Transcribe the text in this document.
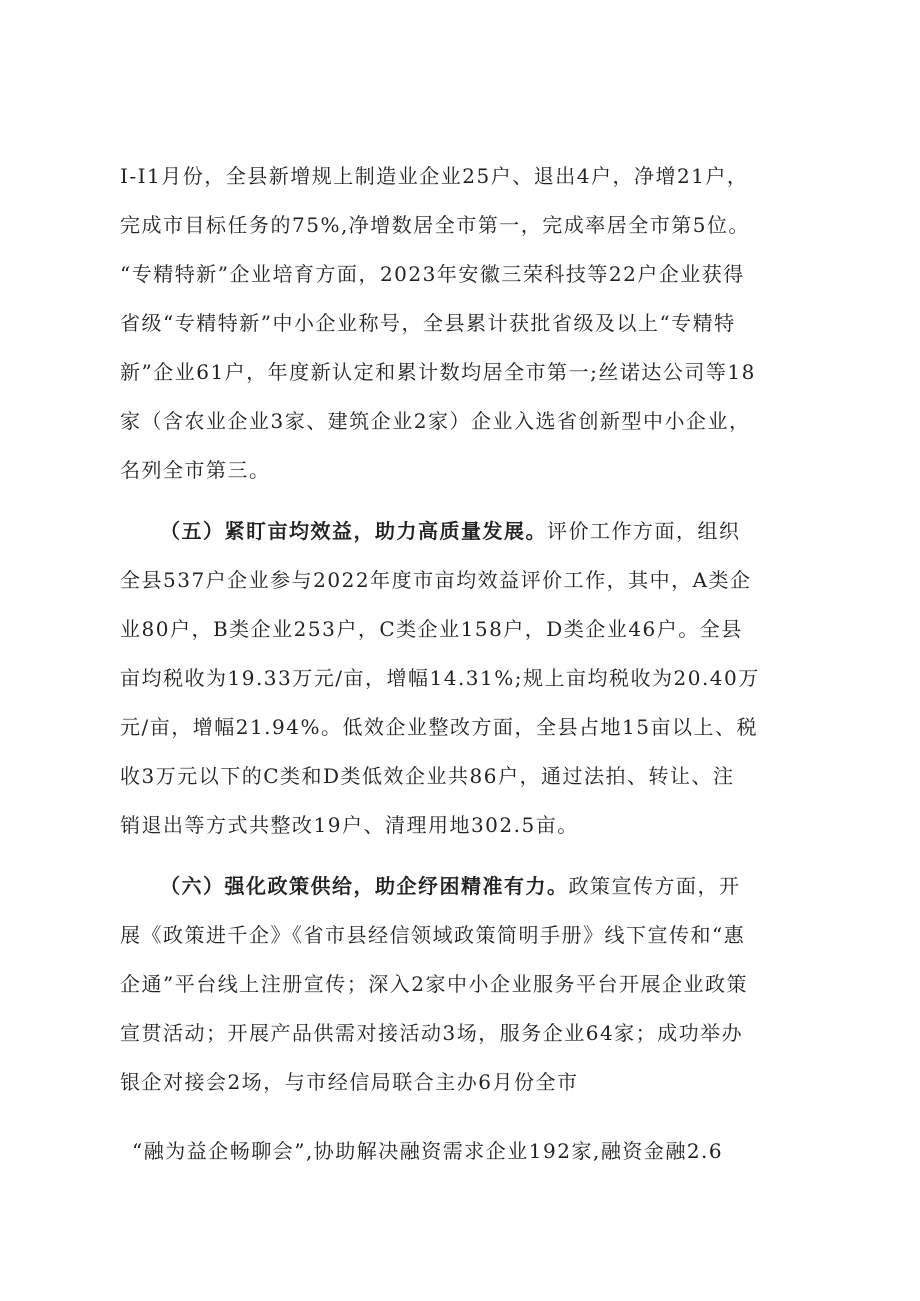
I-I1月份，全县新增规上制造业企业25户、退出4户，净增21户，
完成市目标任务的75%,净增数居全市第一，完成率居全市第5位。
“专精特新”企业培育方面，2023年安徽三荣科技等22户企业获得
省级“专精特新”中小企业称号，全县累计获批省级及以上“专精特
新”企业61户，年度新认定和累计数均居全市第一;丝诺达公司等18
家（含农业企业3家、建筑企业2家）企业入选省创新型中小企业，
名列全市第三。
（五）紧盯亩均效益，助力高质量发展。评价工作方面，组织
全县537户企业参与2022年度市亩均效益评价工作，其中，A类企
业80户，B类企业253户，C类企业158户，D类企业46户。全县
亩均税收为19.33万元/亩，增幅14.31%;规上亩均税收为20.40万
元/亩，增幅21.94%。低效企业整改方面，全县占地15亩以上、税
收3万元以下的C类和D类低效企业共86户，通过法拍、转让、注
销退出等方式共整改19户、清理用地302.5亩。
（六）强化政策供给，助企纾困精准有力。政策宣传方面，开
展《政策进千企》《省市县经信领域政策简明手册》线下宣传和“惠
企通”平台线上注册宣传；深入2家中小企业服务平台开展企业政策
宣贯活动；开展产品供需对接活动3场，服务企业64家；成功举办
银企对接会2场，与市经信局联合主办6月份全市
“融为益企畅聊会”,协助解决融资需求企业192家,融资金融2.6
